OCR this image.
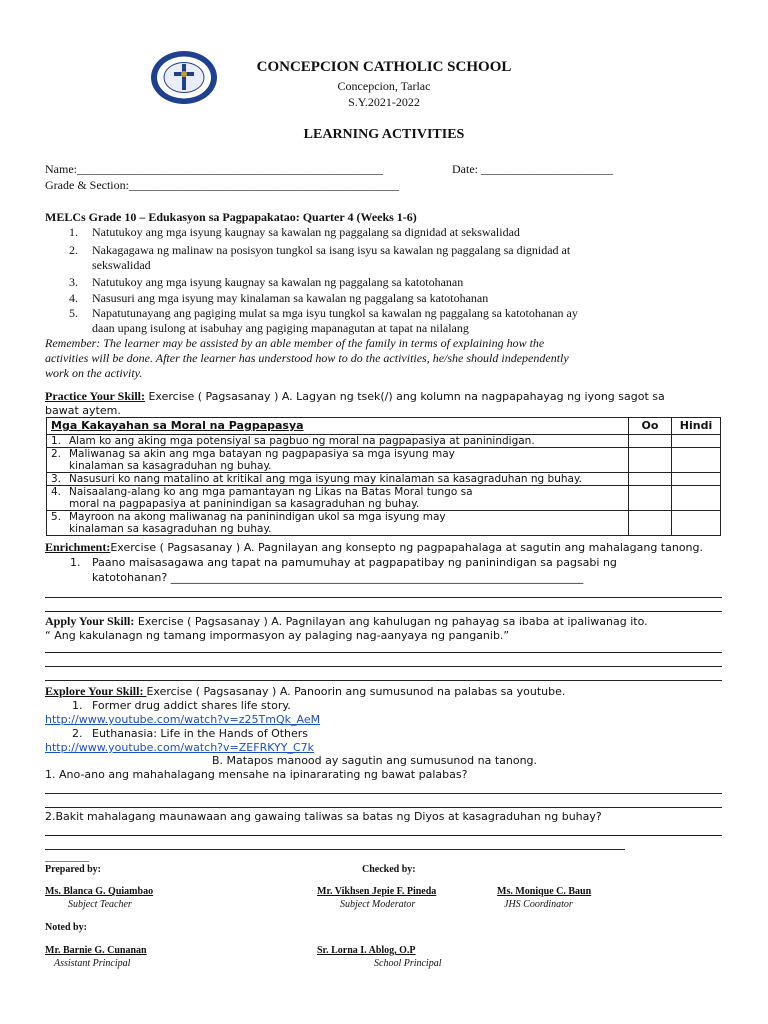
CONCEPCION CATHOLIC SCHOOL
Concepcion, Tarlac
S.Y.2021-2022
LEARNING ACTIVITIES
Name:___________________________________________________	Date: ______________________
Grade & Section:_____________________________________________
MELCs Grade 10 – Edukasyon sa Pagpapakatao: Quarter 4 (Weeks 1-6)
1. Natutukoy ang mga isyung kaugnay sa kawalan ng paggalang sa dignidad at sekswalidad
2. Nakagagawa ng malinaw na posisyon tungkol sa isang isyu sa kawalan ng paggalang sa dignidad at
sekswalidad
3. Natutukoy ang mga isyung kaugnay sa kawalan ng paggalang sa katotohanan
4. Nasusuri ang mga isyung may kinalaman sa kawalan ng paggalang sa katotohanan
5. Napatutunayang ang pagiging mulat sa mga isyu tungkol sa kawalan ng paggalang sa katotohanan ay
daan upang isulong at isabuhay ang pagiging mapanagutan at tapat na nilalang
Remember: The learner may be assisted by an able member of the family in terms of explaining how the
activities will be done. After the learner has understood how to do the activities, he/she should independently
work on the activity.
Practice Your Skill: Exercise ( Pagsasanay ) A. Lagyan ng tsek(/) ang kolumn na nagpapahayag ng iyong sagot sa
bawat aytem.
Mga Kakayahan sa Moral na Pagpapasya	Oo	Hindi
1. Alam ko ang aking mga potensiyal sa pagbuo ng moral na pagpapasiya at paninindigan.		
2. Maliwanag sa akin ang mga batayan ng pagpapasiya sa mga isyung may kinalaman sa kasagraduhan ng buhay.		
3. Nasusuri ko nang matalino at kritikal ang mga isyung may kinalaman sa kasagraduhan ng buhay.		
4. Naisaalang-alang ko ang mga pamantayan ng Likas na Batas Moral tungo sa moral na pagpapasiya at paninindigan sa kasagraduhan ng buhay.		
5. Mayroon na akong maliwanag na paninindigan ukol sa mga isyung may kinalaman sa kasagraduhan ng buhay.		
Enrichment:Exercise ( Pagsasanay ) A. Pagnilayan ang konsepto ng pagpapahalaga at sagutin ang mahalagang tanong.
1. Paano maisasagawa ang tapat na pamumuhay at pagpapatibay ng paninindigan sa pagsabi ng
katotohanan? ___________________________________________________________________________
Apply Your Skill: Exercise ( Pagsasanay ) A. Pagnilayan ang kahulugan ng pahayag sa ibaba at ipaliwanag ito.
“ Ang kakulanagn ng tamang impormasyon ay palaging nag-aanyaya ng panganib.”
Explore Your Skill: Exercise ( Pagsasanay ) A. Panoorin ang sumusunod na palabas sa youtube.
1. Former drug addict shares life story.
http://www.youtube.com/watch?v=z25TmQk_AeM
2. Euthanasia: Life in the Hands of Others
http://www.youtube.com/watch?v=ZEFRKYY_C7k
B. Matapos manood ay sagutin ang sumusunod na tanong.
1. Ano-ano ang mahahalagang mensahe na ipinararating ng bawat palabas?
2.Bakit mahalagang maunawaan ang gawaing taliwas sa batas ng Diyos at kasagraduhan ng buhay?
________
Prepared by:	Checked by:
Ms. Blanca G. Quiambao
Subject Teacher
Mr. Vikhsen Jepie F. Pineda
Subject Moderator
Ms. Monique C. Baun
JHS Coordinator
Noted by:
Mr. Barnie G. Cunanan
Assistant Principal
Sr. Lorna I. Ablog, O.P
School Principal
